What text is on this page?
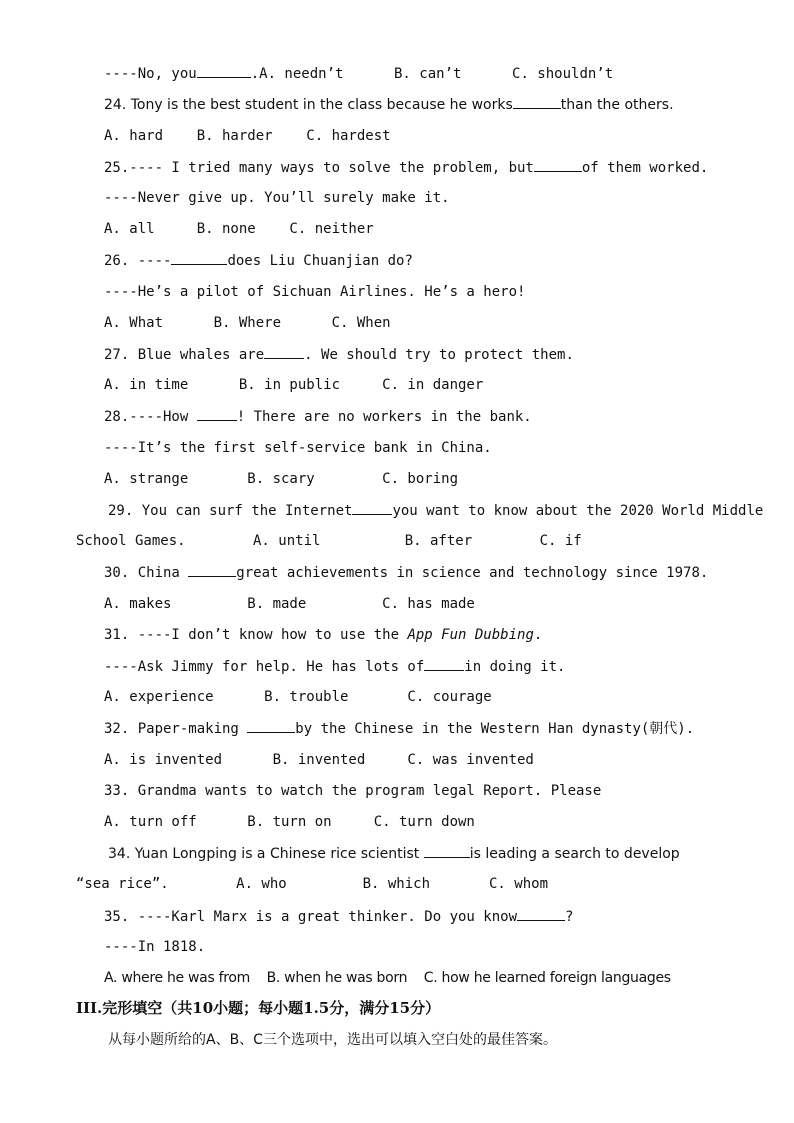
----No, you	.A. needn’t      B. can’t      C. shouldn’t
24. Tony is the best student in the class because he works	than the others.
A. hard    B. harder    C. hardest
25.---- I tried many ways to solve the problem, but	of them worked.
----Never give up. You’ll surely make it.
A. all     B. none    C. neither
26. ----	does Liu Chuanjian do?
----He’s a pilot of Sichuan Airlines. He’s a hero!
A. What      B. Where      C. When
27. Blue whales are	. We should try to protect them.
A. in time      B. in public     C. in danger
28.----How	! There are no workers in the bank.
----It’s the first self-service bank in China.
A. strange       B. scary        C. boring
29. You can surf the Internet	you want to know about the 2020 World Middle
School Games.        A. until          B. after        C. if
30. China	great achievements in science and technology since 1978.
A. makes         B. made         C. has made
31. ----I don’t know how to use the App Fun Dubbing.
----Ask Jimmy for help. He has lots of	in doing it.
A. experience      B. trouble       C. courage
32. Paper-making	by the Chinese in the Western Han dynasty(朝代).
A. is invented      B. invented     C. was invented
33. Grandma wants to watch the program legal Report. Please
A. turn off      B. turn on     C. turn down
34. Yuan Longping is a Chinese rice scientist	is leading a search to develop
“sea rice”.        A. who         B. which       C. whom
35. ----Karl Marx is a great thinker. Do you know	?
----In 1818.
A. where he was from    B. when he was born    C. how he learned foreign languages
III.完形填空（共10小题；每小题1.5分，满分15分）
从每小题所给的A、B、C三个选项中，选出可以填入空白处的最佳答案。
